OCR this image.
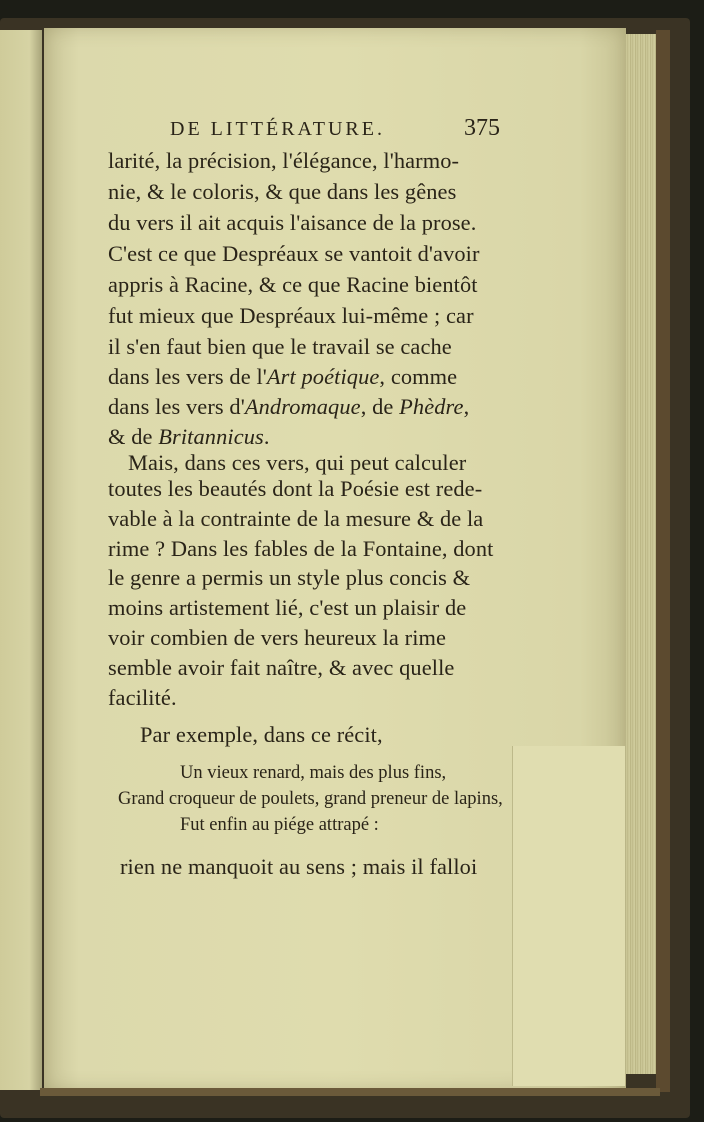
DE LITTÉRATURE.	375
larité, la précision, l'élégance, l'harmo-
nie, & le coloris, & que dans les gênes
du vers il ait acquis l'aisance de la prose.
C'est ce que Despréaux se vantoit d'avoir
appris à Racine, & ce que Racine bientôt
fut mieux que Despréaux lui-même ; car
il s'en faut bien que le travail se cache
dans les vers de l'Art poétique, comme
dans les vers d'Andromaque, de Phèdre,
& de Britannicus.
Mais, dans ces vers, qui peut calculer
toutes les beautés dont la Poésie est rede-
vable à la contrainte de la mesure & de la
rime ? Dans les fables de la Fontaine, dont
le genre a permis un style plus concis &
moins artistement lié, c'est un plaisir de
voir combien de vers heureux la rime
semble avoir fait naître, & avec quelle
facilité.
Par exemple, dans ce récit,
Un vieux renard, mais des plus fins,
Grand croqueur de poulets, grand preneur de lapins,
Fut enfin au piége attrapé :
rien ne manquoit au sens ; mais il falloi
